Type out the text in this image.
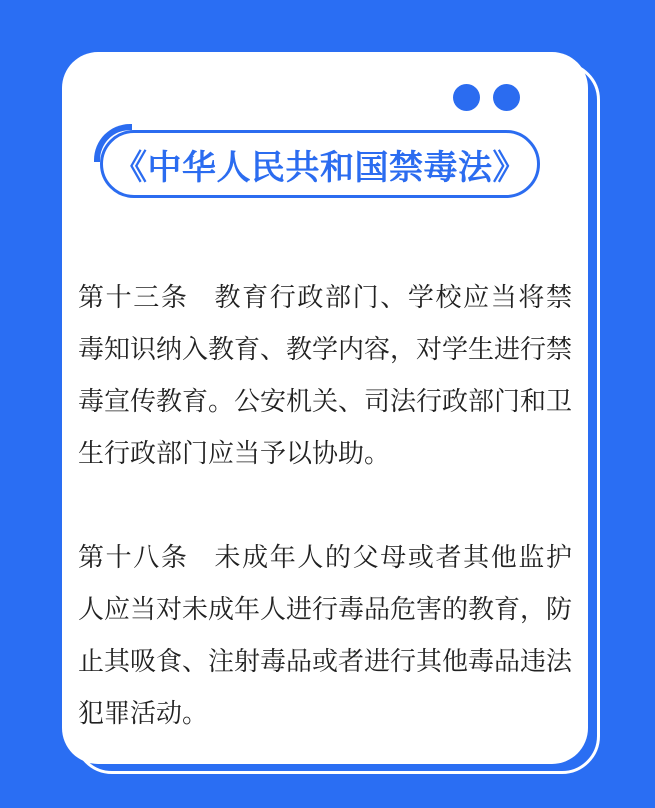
《中华人民共和国禁毒法》

第十三条 教育行政部门、学校应当将禁毒知识纳入教育、教学内容，对学生进行禁毒宣传教育。公安机关、司法行政部门和卫生行政部门应当予以协助。

第十八条 未成年人的父母或者其他监护人应当对未成年人进行毒品危害的教育，防止其吸食、注射毒品或者进行其他毒品违法犯罪活动。
